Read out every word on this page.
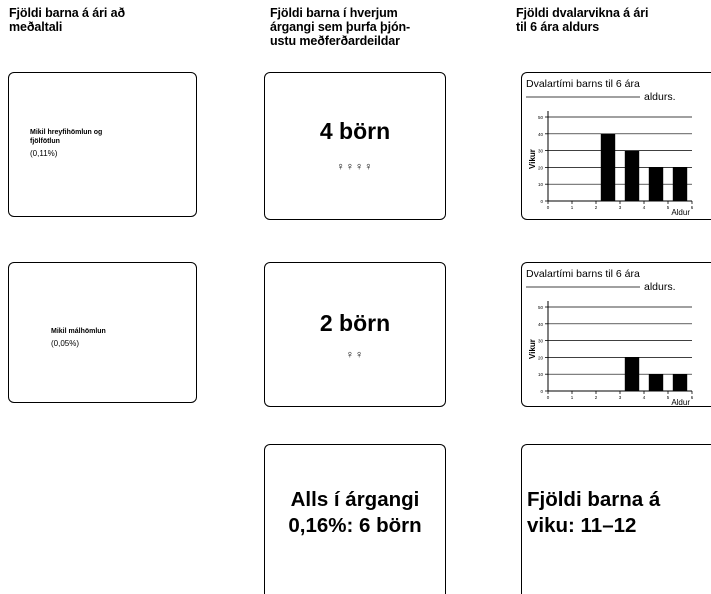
Fjöldi barna á ári að
meðaltali
Fjöldi barna í hverjum
árgangi sem þurfa þjón-
ustu meðferðardeildar
Fjöldi dvalarvikna á ári
til 6 ára aldurs
Mikil hreyfihömlun og
fjölfötlun
(0,11%)
4 börn
♀♀♀♀
Dvalartími barns til 6 ára
aldurs.
0
10
20
30
40
50
0	1	2	3	4	5	6
Vikur
Aldur
Mikil málhömlun
(0,05%)
2 börn
♀♀
Dvalartími barns til 6 ára
aldurs.
0
10
20
30
40
50
0	1	2	3	4	5	6
Vikur
Aldur
Alls í árgangi
0,16%: 6 börn
Fjöldi barna á
viku: 11–12
